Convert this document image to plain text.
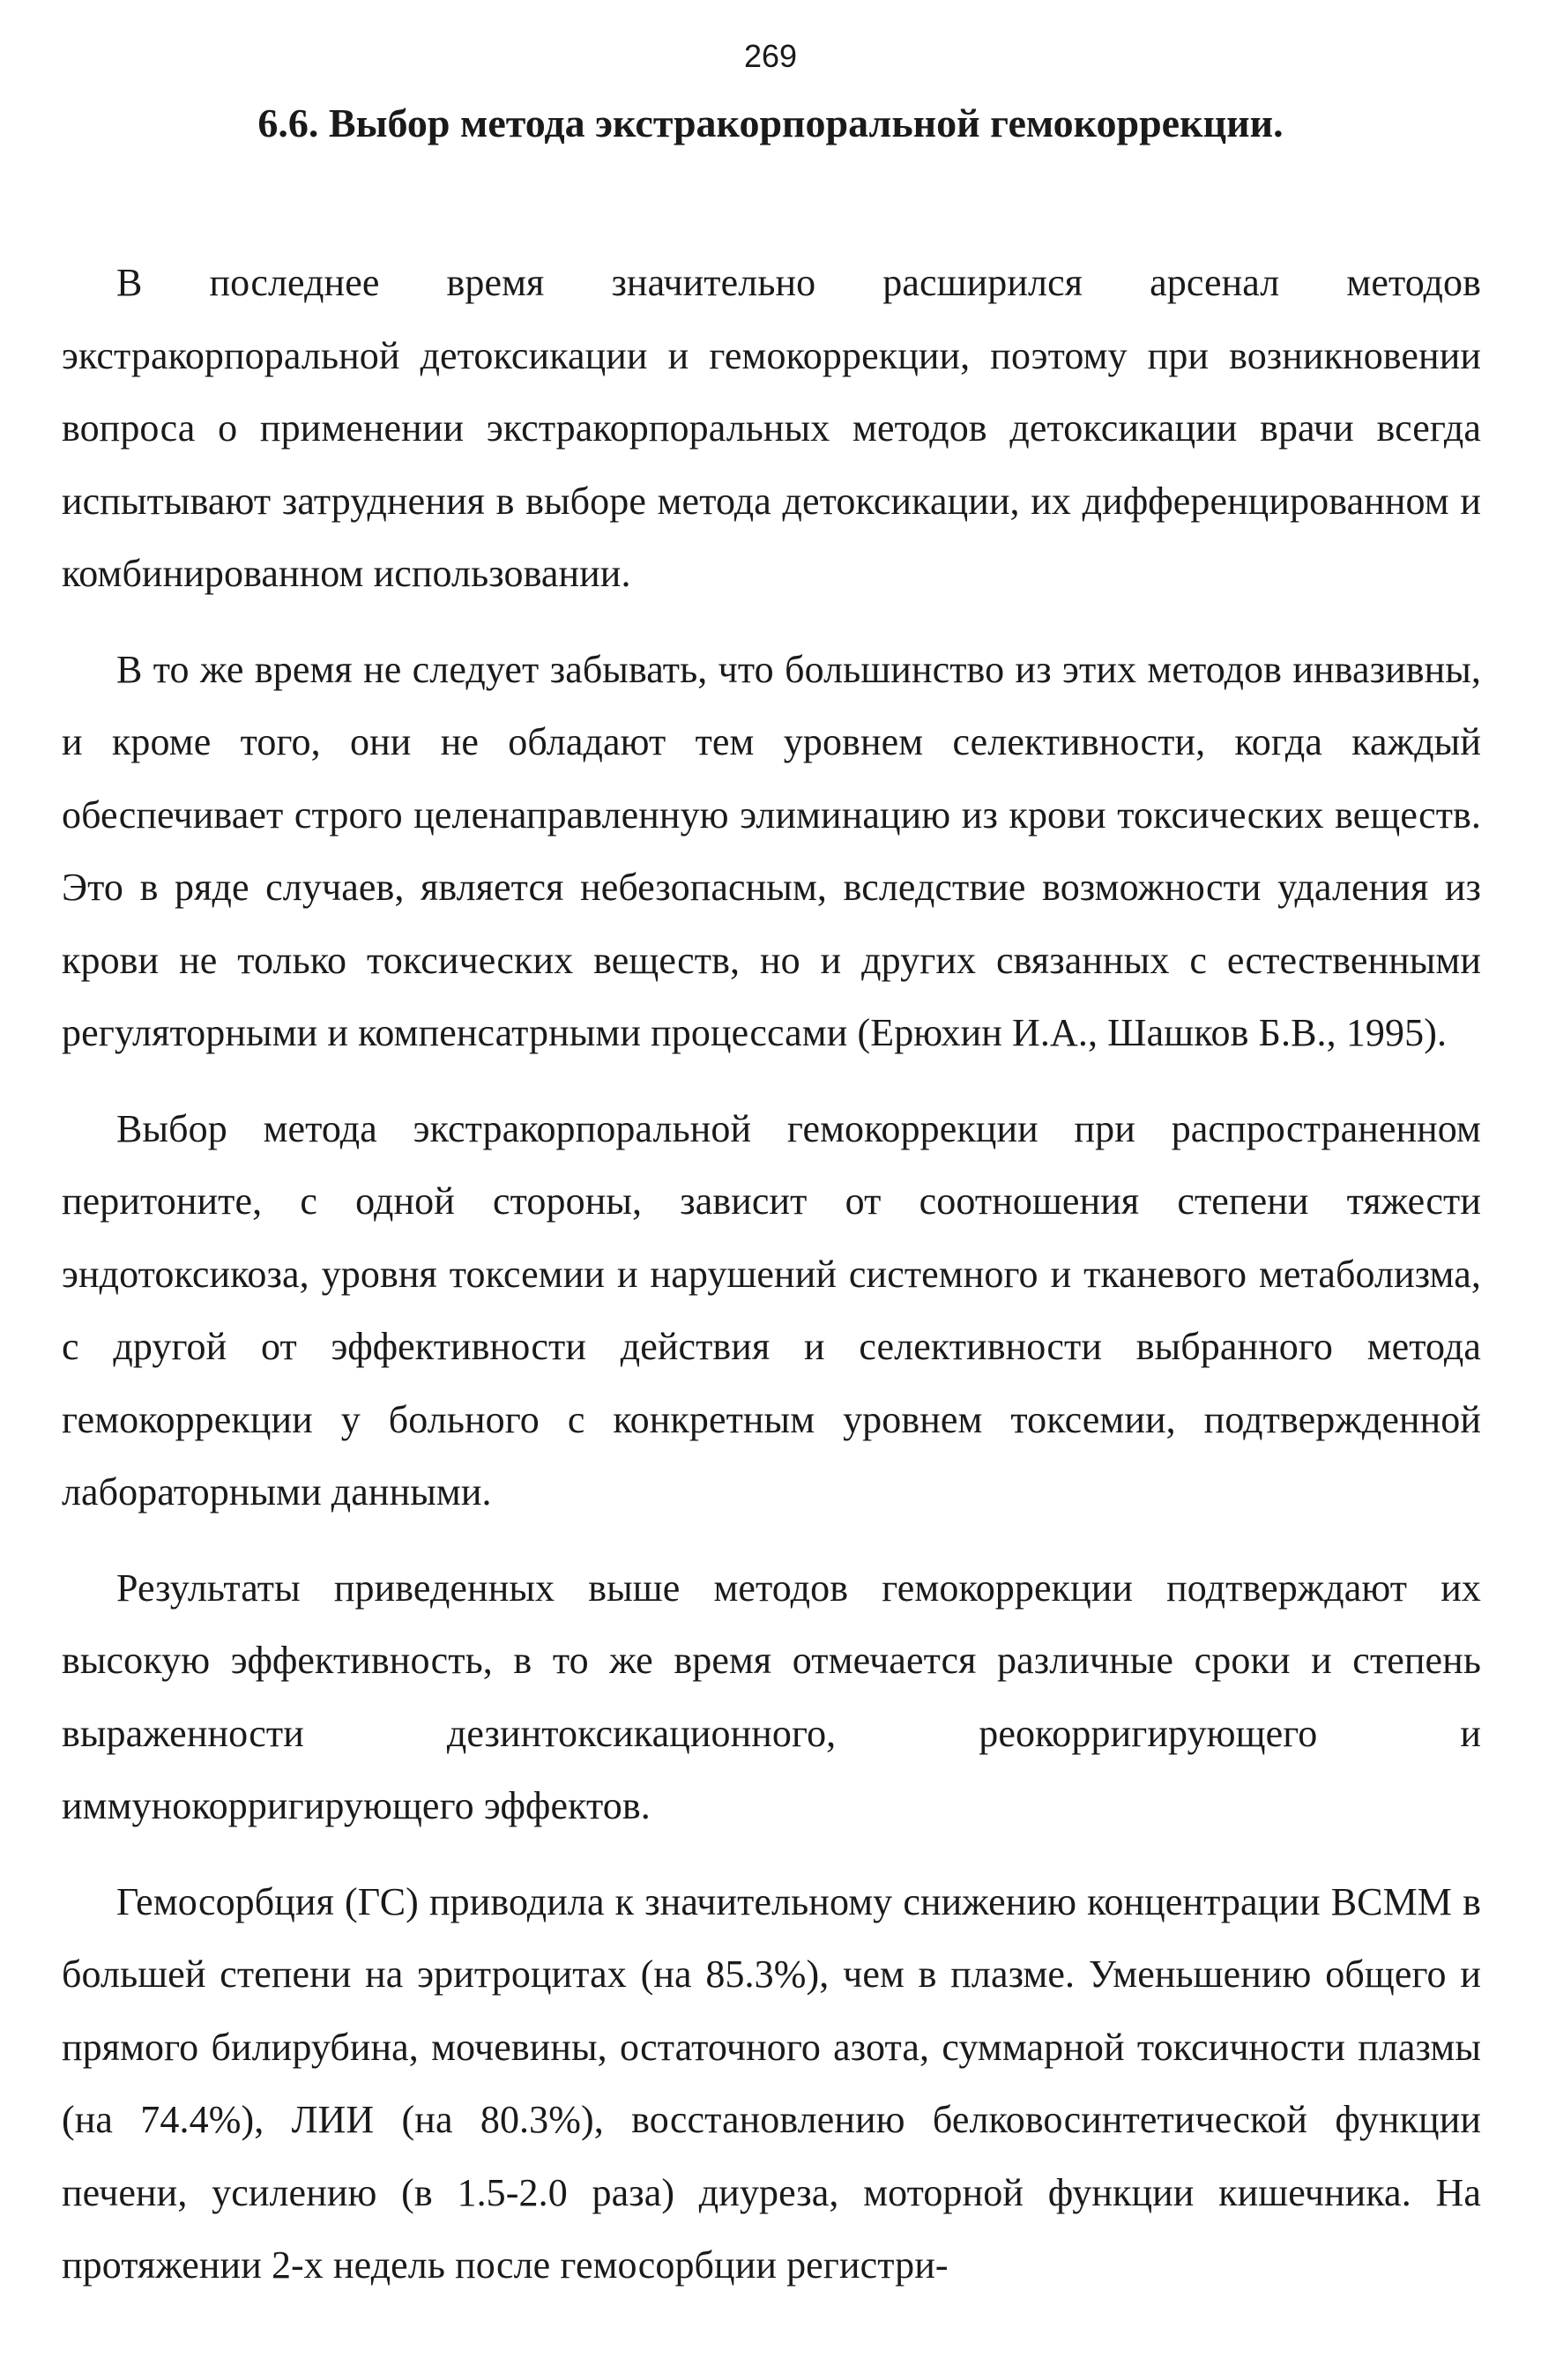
269
6.6. Выбор метода экстракорпоральной гемокоррекции.

В последнее время значительно расширился арсенал методов экстракорпоральной детоксикации и гемокоррекции, поэтому при возникновении вопроса о применении экстракорпоральных методов детоксикации врачи всегда испытывают затруднения в выборе метода детоксикации, их дифференцированном и комбинированном использовании.

В то же время не следует забывать, что большинство из этих методов инвазивны, и кроме того, они не обладают тем уровнем селективности, когда каждый обеспечивает строго целенаправленную элиминацию из крови токсических веществ. Это в ряде случаев, является небезопасным, вследствие возможности удаления из крови не только токсических веществ, но и других связанных с естественными регуляторными и компенсатрными процессами (Ерюхин И.А., Шашков Б.В., 1995).

Выбор метода экстракорпоральной гемокоррекции при распространенном перитоните, с одной стороны, зависит от соотношения степени тяжести эндотоксикоза, уровня токсемии и нарушений системного и тканевого метаболизма, с другой от эффективности действия и селективности выбранного метода гемокоррекции у больного с конкретным уровнем токсемии, подтвержденной лабораторными данными.

Результаты приведенных выше методов гемокоррекции подтверждают их высокую эффективность, в то же время отмечается различные сроки и степень выраженности дезинтоксикационного, реокорригирующего и иммунокорригирующего эффектов.

Гемосорбция (ГС) приводила к значительному снижению концентрации ВСММ в большей степени на эритроцитах (на 85.3%), чем в плазме. Уменьшению общего и прямого билирубина, мочевины, остаточного азота, суммарной токсичности плазмы (на 74.4%), ЛИИ (на 80.3%), восстановлению белковосинтетической функции печени, усилению (в 1.5-2.0 раза) диуреза, моторной функции кишечника. На протяжении 2-х недель после гемосорбции регистри-
